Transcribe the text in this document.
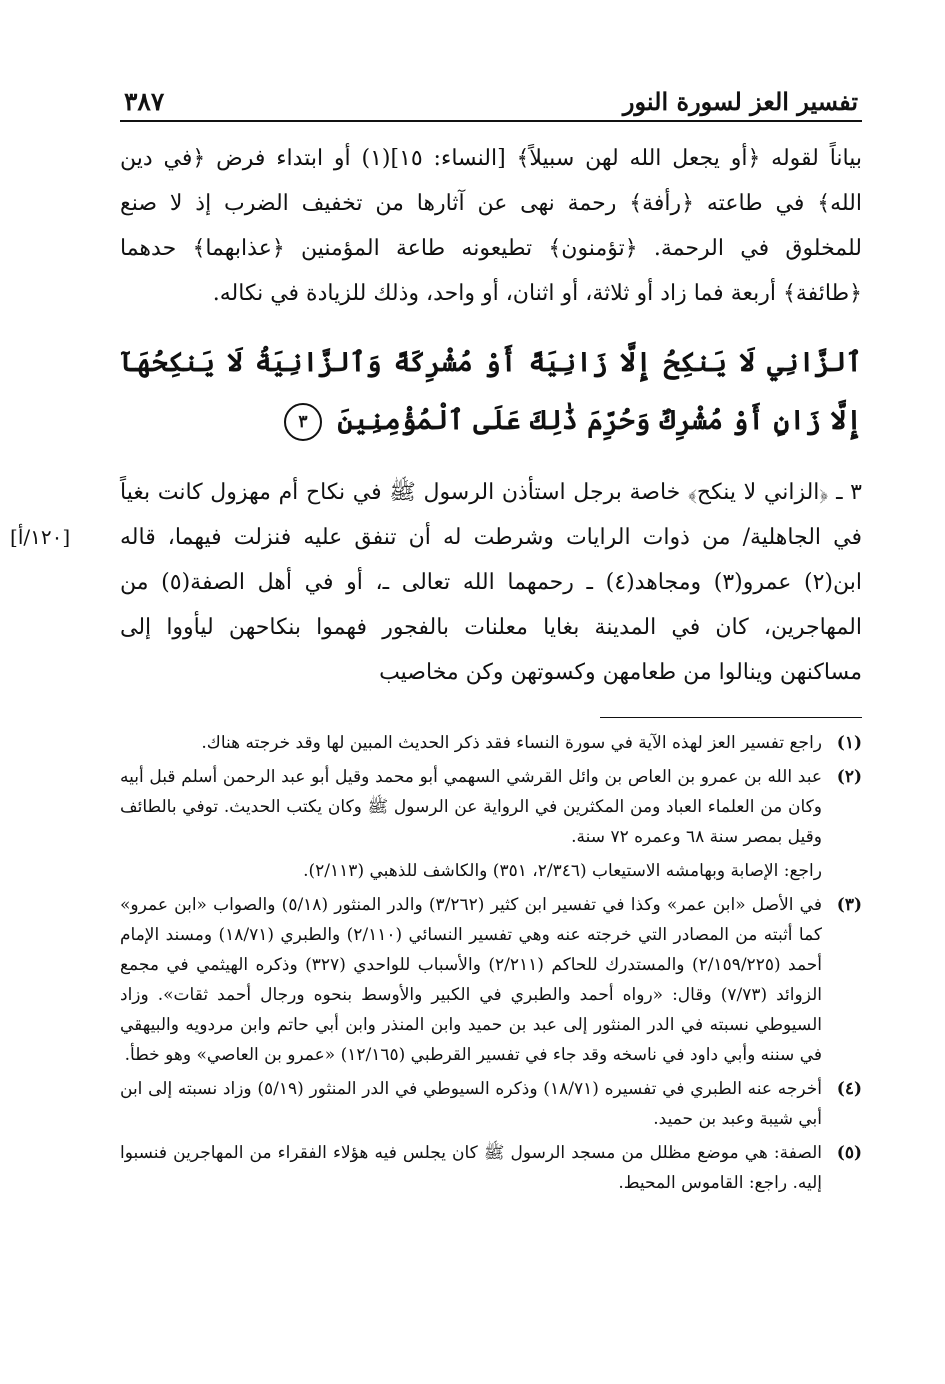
تفسير العز لسورة النور
٣٨٧

بياناً لقوله ﴿أو يجعل الله لهن سبيلاً﴾ [النساء: ١٥](١) أو ابتداء فرض ﴿في دين الله﴾ في طاعته ﴿رأفة﴾ رحمة نهى عن آثارها من تخفيف الضرب إذ لا صنع للمخلوق في الرحمة. ﴿تؤمنون﴾ تطيعونه طاعة المؤمنين ﴿عذابهما﴾ حدهما ﴿طائفة﴾ أربعة فما زاد أو ثلاثة، أو اثنان، أو واحد، وذلك للزيادة في نكاله.

ٱلزَّانِي لَا يَنكِحُ إِلَّا زَانِيَةً أَوْ مُشْرِكَةً وَٱلزَّانِيَةُ لَا يَنكِحُهَآ إِلَّا زَانٍ أَوْ مُشْرِكٌ وَحُرِّمَ ذَٰلِكَ عَلَى ٱلْمُؤْمِنِينَ ٣
[١٢٠/أ]

٣ ـ ﴿الزاني لا ينكح﴾ خاصة برجل استأذن الرسول ﷺ في نكاح أم مهزول كانت بغياً في الجاهلية/ من ذوات الرايات وشرطت له أن تنفق عليه فنزلت فيهما، قاله ابن(٢) عمرو(٣) ومجاهد(٤) ـ رحمهما الله تعالى ـ، أو في أهل الصفة(٥) من المهاجرين، كان في المدينة بغايا معلنات بالفجور فهموا بنكاحهن ليأووا إلى مساكنهن وينالوا من طعامهن وكسوتهن وكن مخاصيب

(١)
راجع تفسير العز لهذه الآية في سورة النساء فقد ذكر الحديث المبين لها وقد خرجته هناك.
(٢)
عبد الله بن عمرو بن العاص بن وائل القرشي السهمي أبو محمد وقيل أبو عبد الرحمن أسلم قبل أبيه وكان من العلماء العباد ومن المكثرين في الرواية عن الرسول ﷺ وكان يكتب الحديث. توفي بالطائف وقيل بمصر سنة ٦٨ وعمره ٧٢ سنة.
راجع: الإصابة وبهامشه الاستيعاب (٢/٣٤٦، ٣٥١) والكاشف للذهبي (٢/١١٣).
(٣)
في الأصل «ابن عمر» وكذا في تفسير ابن كثير (٣/٢٦٢) والدر المنثور (٥/١٨) والصواب «ابن عمرو» كما أثبته من المصادر التي خرجته عنه وهي تفسير النسائي (٢/١١٠) والطبري (١٨/٧١) ومسند الإمام أحمد (٢/١٥٩/٢٢٥) والمستدرك للحاكم (٢/٢١١) والأسباب للواحدي (٣٢٧) وذكره الهيثمي في مجمع الزوائد (٧/٧٣) وقال: «رواه أحمد والطبري في الكبير والأوسط بنحوه ورجال أحمد ثقات». وزاد السيوطي نسبته في الدر المنثور إلى عبد بن حميد وابن المنذر وابن أبي حاتم وابن مردويه والبيهقي في سننه وأبي داود في ناسخه وقد جاء في تفسير القرطبي (١٢/١٦٥) «عمرو بن العاصي» وهو خطأ.
(٤)
أخرجه عنه الطبري في تفسيره (١٨/٧١) وذكره السيوطي في الدر المنثور (٥/١٩) وزاد نسبته إلى ابن أبي شيبة وعبد بن حميد.
(٥)
الصفة: هي موضع مظلل من مسجد الرسول ﷺ كان يجلس فيه هؤلاء الفقراء من المهاجرين فنسبوا إليه. راجع: القاموس المحيط.
